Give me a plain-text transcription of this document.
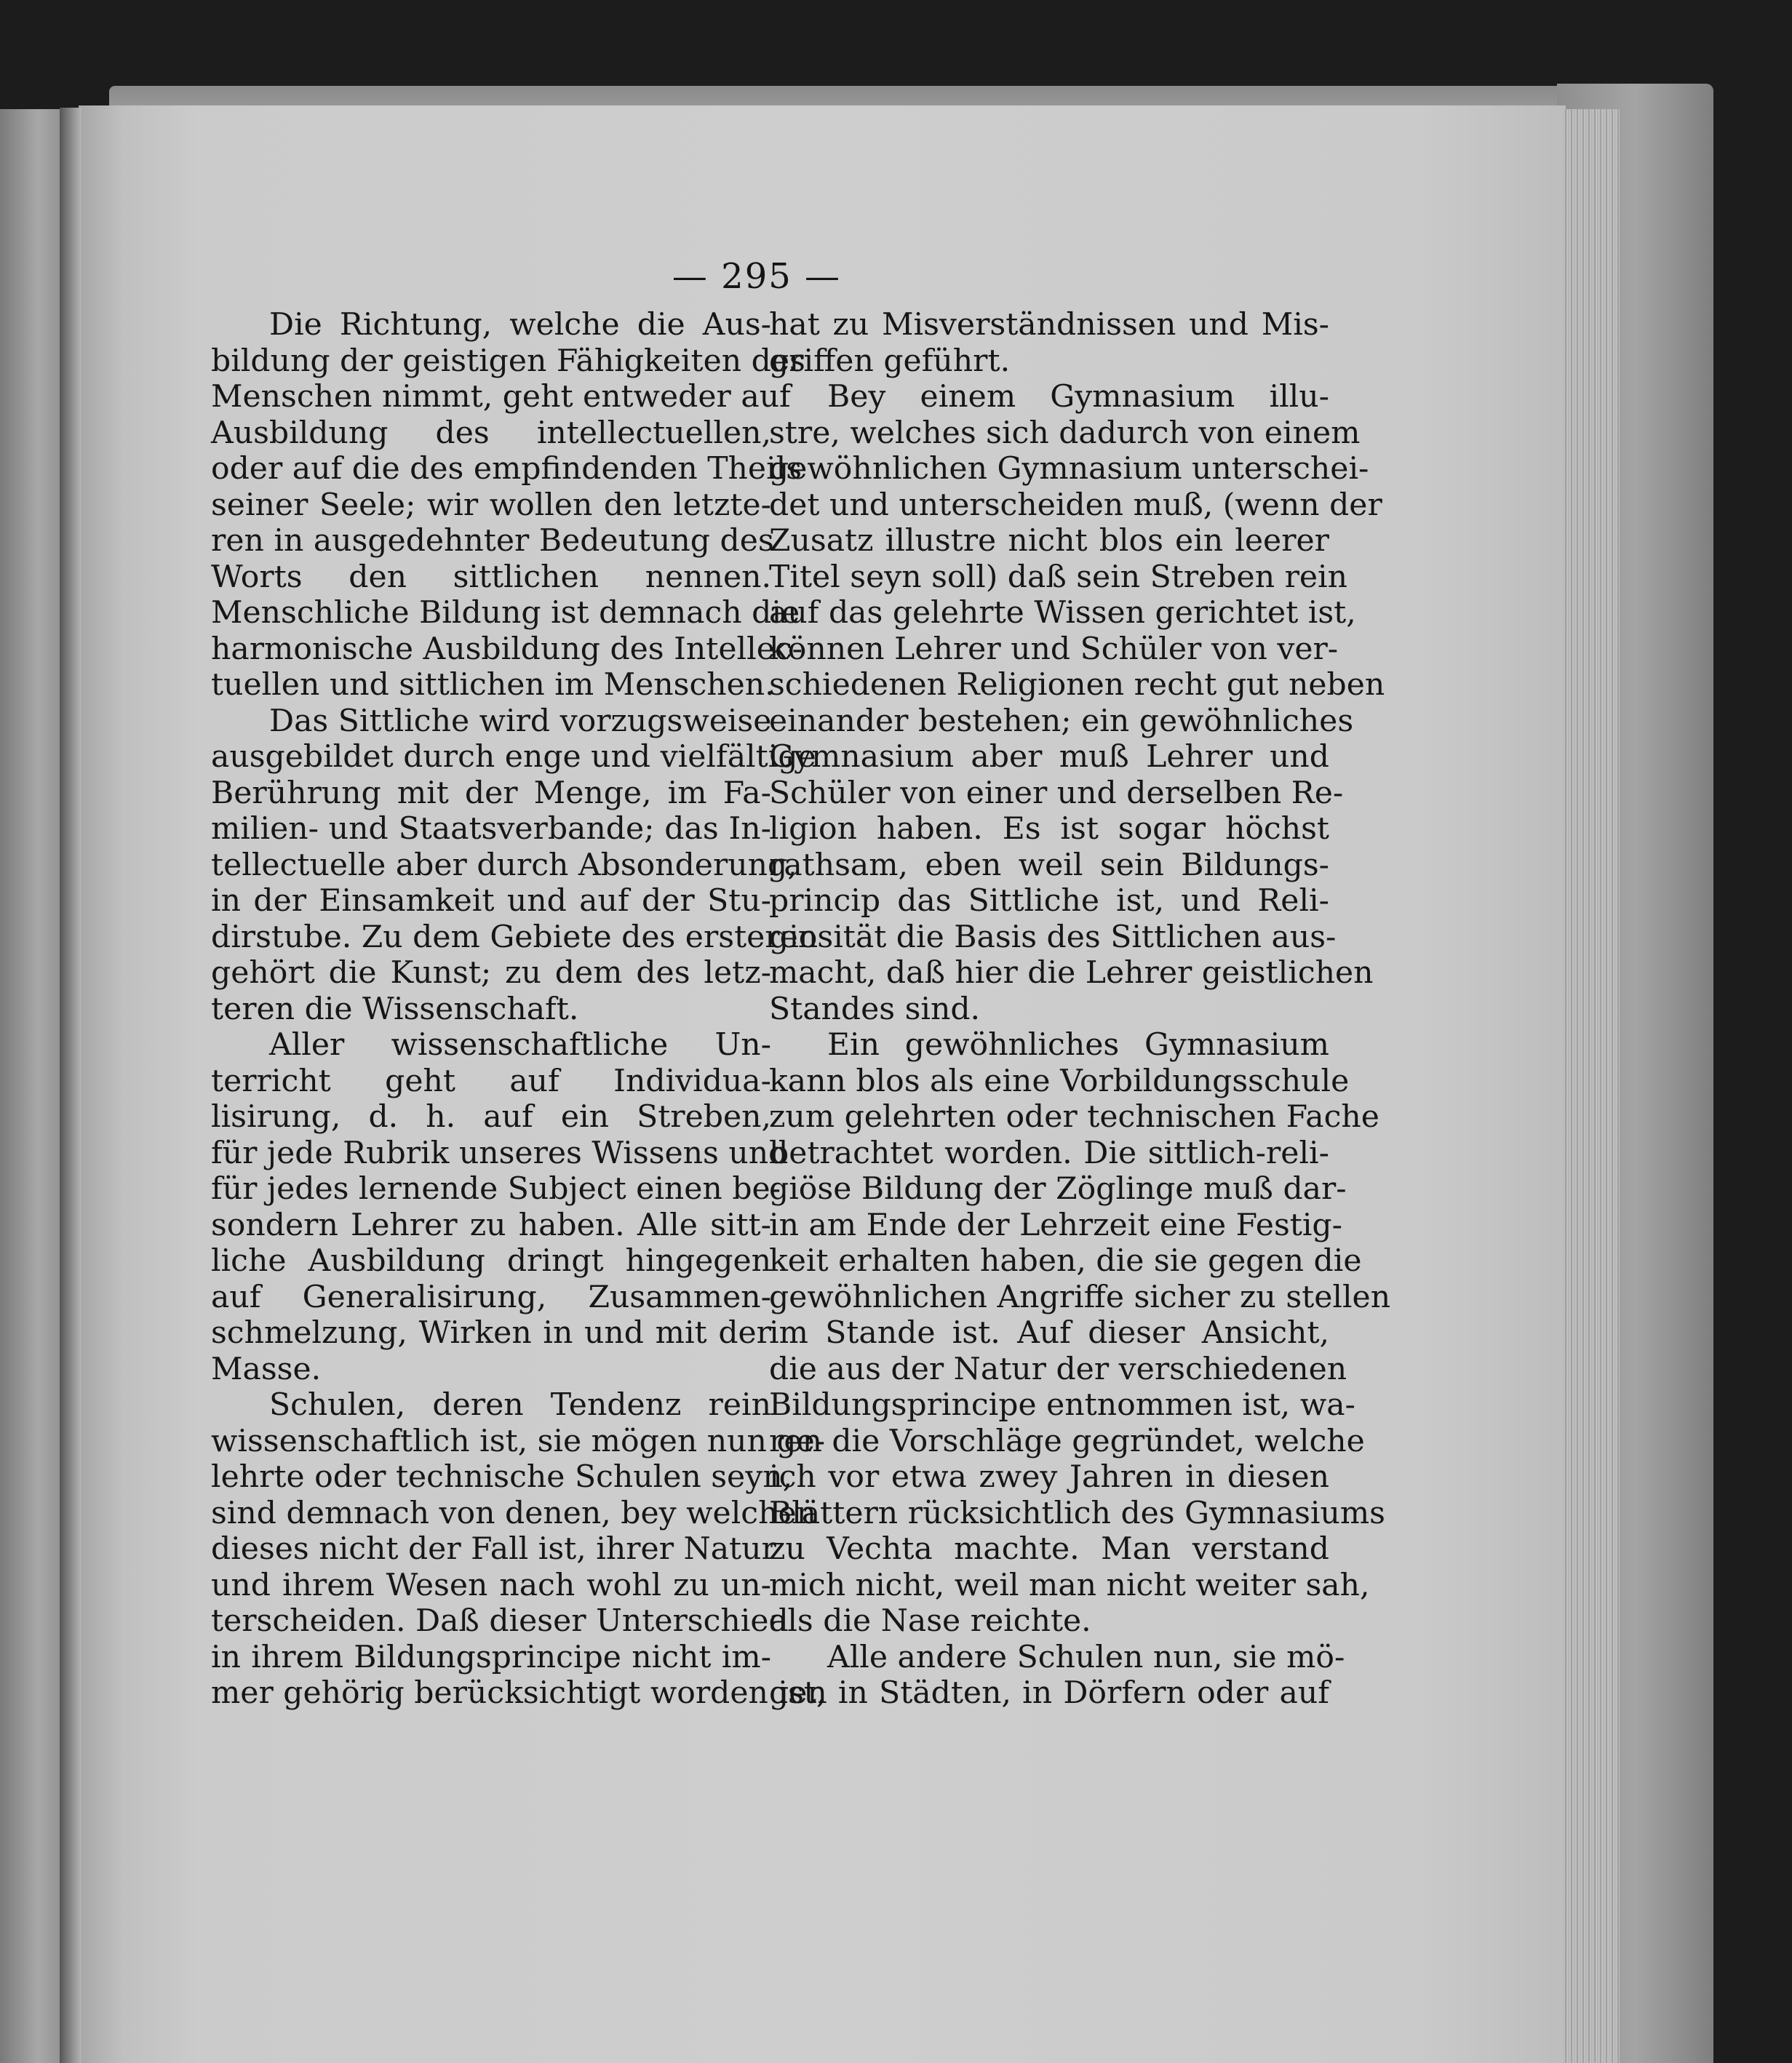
— 295 —
Die Richtung, welche die Aus-
bildung der geistigen Fähigkeiten des
Menschen nimmt, geht entweder auf
Ausbildung des intellectuellen,
oder auf die des empfindenden Theils
seiner Seele; wir wollen den letzte-
ren in ausgedehnter Bedeutung des
Worts den sittlichen nennen.
Menschliche Bildung ist demnach die
harmonische Ausbildung des Intellec-
tuellen und sittlichen im Menschen.
Das Sittliche wird vorzugsweise
ausgebildet durch enge und vielfältige
Berührung mit der Menge, im Fa-
milien- und Staatsverbande; das In-
tellectuelle aber durch Absonderung,
in der Einsamkeit und auf der Stu-
dirstube. Zu dem Gebiete des ersteren
gehört die Kunst; zu dem des letz-
teren die Wissenschaft.
Aller wissenschaftliche Un-
terricht geht auf Individua-
lisirung, d. h. auf ein Streben,
für jede Rubrik unseres Wissens und
für jedes lernende Subject einen be-
sondern Lehrer zu haben. Alle sitt-
liche Ausbildung dringt hingegen
auf Generalisirung, Zusammen-
schmelzung, Wirken in und mit der
Masse.
Schulen, deren Tendenz rein
wissenschaftlich ist, sie mögen nun ge-
lehrte oder technische Schulen seyn,
sind demnach von denen, bey welchen
dieses nicht der Fall ist, ihrer Natur
und ihrem Wesen nach wohl zu un-
terscheiden. Daß dieser Unterschied
in ihrem Bildungsprincipe nicht im-
mer gehörig berücksichtigt worden ist,
hat zu Misverständnissen und Mis-
griffen geführt.
Bey einem Gymnasium illu-
stre, welches sich dadurch von einem
gewöhnlichen Gymnasium unterschei-
det und unterscheiden muß, (wenn der
Zusatz illustre nicht blos ein leerer
Titel seyn soll) daß sein Streben rein
auf das gelehrte Wissen gerichtet ist,
können Lehrer und Schüler von ver-
schiedenen Religionen recht gut neben
einander bestehen; ein gewöhnliches
Gymnasium aber muß Lehrer und
Schüler von einer und derselben Re-
ligion haben. Es ist sogar höchst
rathsam, eben weil sein Bildungs-
princip das Sittliche ist, und Reli-
giosität die Basis des Sittlichen aus-
macht, daß hier die Lehrer geistlichen
Standes sind.
Ein gewöhnliches Gymnasium
kann blos als eine Vorbildungsschule
zum gelehrten oder technischen Fache
betrachtet worden. Die sittlich-reli-
giöse Bildung der Zöglinge muß dar-
in am Ende der Lehrzeit eine Festig-
keit erhalten haben, die sie gegen die
gewöhnlichen Angriffe sicher zu stellen
im Stande ist. Auf dieser Ansicht,
die aus der Natur der verschiedenen
Bildungsprincipe entnommen ist, wa-
ren die Vorschläge gegründet, welche
ich vor etwa zwey Jahren in diesen
Blättern rücksichtlich des Gymnasiums
zu Vechta machte. Man verstand
mich nicht, weil man nicht weiter sah,
als die Nase reichte.
Alle andere Schulen nun, sie mö-
gen in Städten, in Dörfern oder auf
